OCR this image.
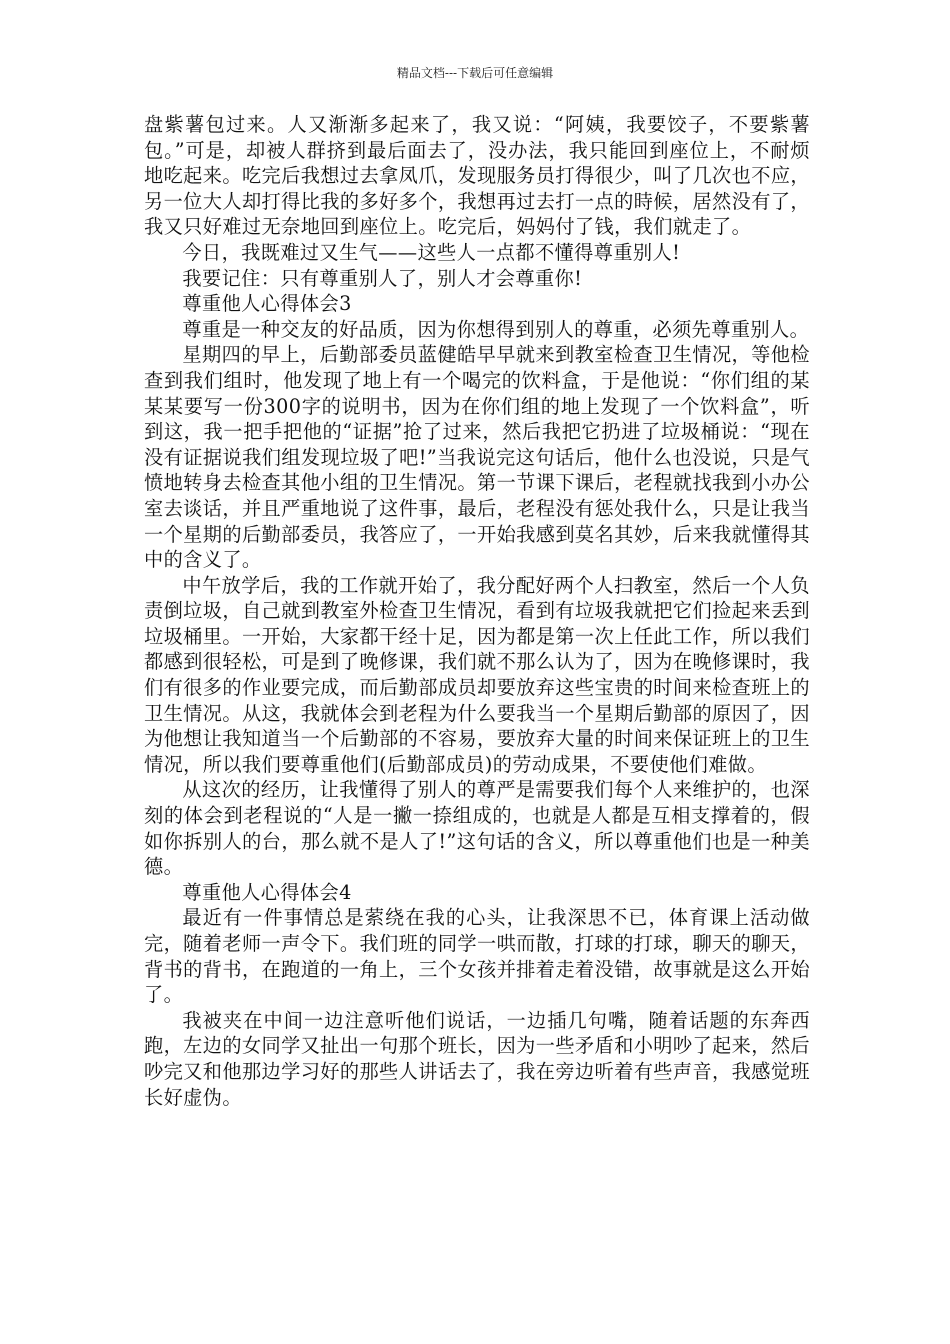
精品文档---下载后可任意编辑

盘紫薯包过来。人又渐渐多起来了，我又说：“阿姨，我要饺子，不要紫薯包。”可是，却被人群挤到最后面去了，没办法，我只能回到座位上，不耐烦地吃起来。吃完后我想过去拿凤爪，发现服务员打得很少，叫了几次也不应，另一位大人却打得比我的多好多个，我想再过去打一点的時候，居然没有了，我又只好难过无奈地回到座位上。吃完后，妈妈付了钱，我们就走了。

今日，我既难过又生气——这些人一点都不懂得尊重别人!

我要记住：只有尊重别人了，别人才会尊重你!

尊重他人心得体会3

尊重是一种交友的好品质，因为你想得到别人的尊重，必须先尊重别人。

星期四的早上，后勤部委员蓝健皓早早就来到教室检查卫生情况，等他检查到我们组时，他发现了地上有一个喝完的饮料盒，于是他说：“你们组的某某某要写一份300字的说明书，因为在你们组的地上发现了一个饮料盒”，听到这，我一把手把他的“证据”抢了过来，然后我把它扔进了垃圾桶说：“现在没有证据说我们组发现垃圾了吧!”当我说完这句话后，他什么也没说，只是气愤地转身去检查其他小组的卫生情况。第一节课下课后，老程就找我到小办公室去谈话，并且严重地说了这件事，最后，老程没有惩处我什么，只是让我当一个星期的后勤部委员，我答应了，一开始我感到莫名其妙，后来我就懂得其中的含义了。

中午放学后，我的工作就开始了，我分配好两个人扫教室，然后一个人负责倒垃圾，自己就到教室外检查卫生情况，看到有垃圾我就把它们捡起来丢到垃圾桶里。一开始，大家都干经十足，因为都是第一次上任此工作，所以我们都感到很轻松，可是到了晚修课，我们就不那么认为了，因为在晚修课时，我们有很多的作业要完成，而后勤部成员却要放弃这些宝贵的时间来检查班上的卫生情况。从这，我就体会到老程为什么要我当一个星期后勤部的原因了，因为他想让我知道当一个后勤部的不容易，要放弃大量的时间来保证班上的卫生情况，所以我们要尊重他们(后勤部成员)的劳动成果，不要使他们难做。

从这次的经历，让我懂得了别人的尊严是需要我们每个人来维护的，也深刻的体会到老程说的“人是一撇一捺组成的，也就是人都是互相支撑着的，假如你拆别人的台，那么就不是人了!”这句话的含义，所以尊重他们也是一种美德。

尊重他人心得体会4

最近有一件事情总是萦绕在我的心头，让我深思不已，体育课上活动做完，随着老师一声令下。我们班的同学一哄而散，打球的打球，聊天的聊天，背书的背书，在跑道的一角上，三个女孩并排着走着没错，故事就是这么开始了。

我被夹在中间一边注意听他们说话，一边插几句嘴，随着话题的东奔西跑，左边的女同学又扯出一句那个班长，因为一些矛盾和小明吵了起来，然后吵完又和他那边学习好的那些人讲话去了，我在旁边听着有些声音，我感觉班长好虚伪。
